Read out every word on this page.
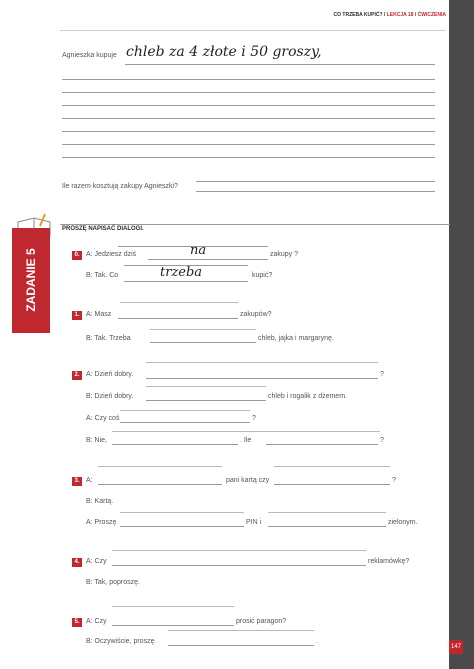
147
CO TRZEBA KUPIĆ? / LEKCJA 18 / ĆWICZENIA
Agnieszka kupuje chleb za 4 złote i 50 groszy,
Ile razem kosztują zakupy Agnieszki?
ZADANIE 5
PROSZĘ NAPISAĆ DIALOGI.
0. A: Jedziesz dziś	na	zakupy ?
B: Tak. Co	trzeba	kupić?
1. A: Masz	zakupów?
B: Tak. Trzeba	chleb, jajka i margarynę.
2. A: Dzień dobry.	?
B: Dzień dobry.	chleb i rogalik z dżemem.
A: Czy coś	?
B: Nie,	. Ile	?
3. A:	pani kartą czy	?
B: Kartą.
A: Proszę	PIN i	zielonym.
4. A: Czy	reklamówkę?
B: Tak, poproszę.
5. A: Czy	prosić paragon?
B: Oczywiście, proszę	.
